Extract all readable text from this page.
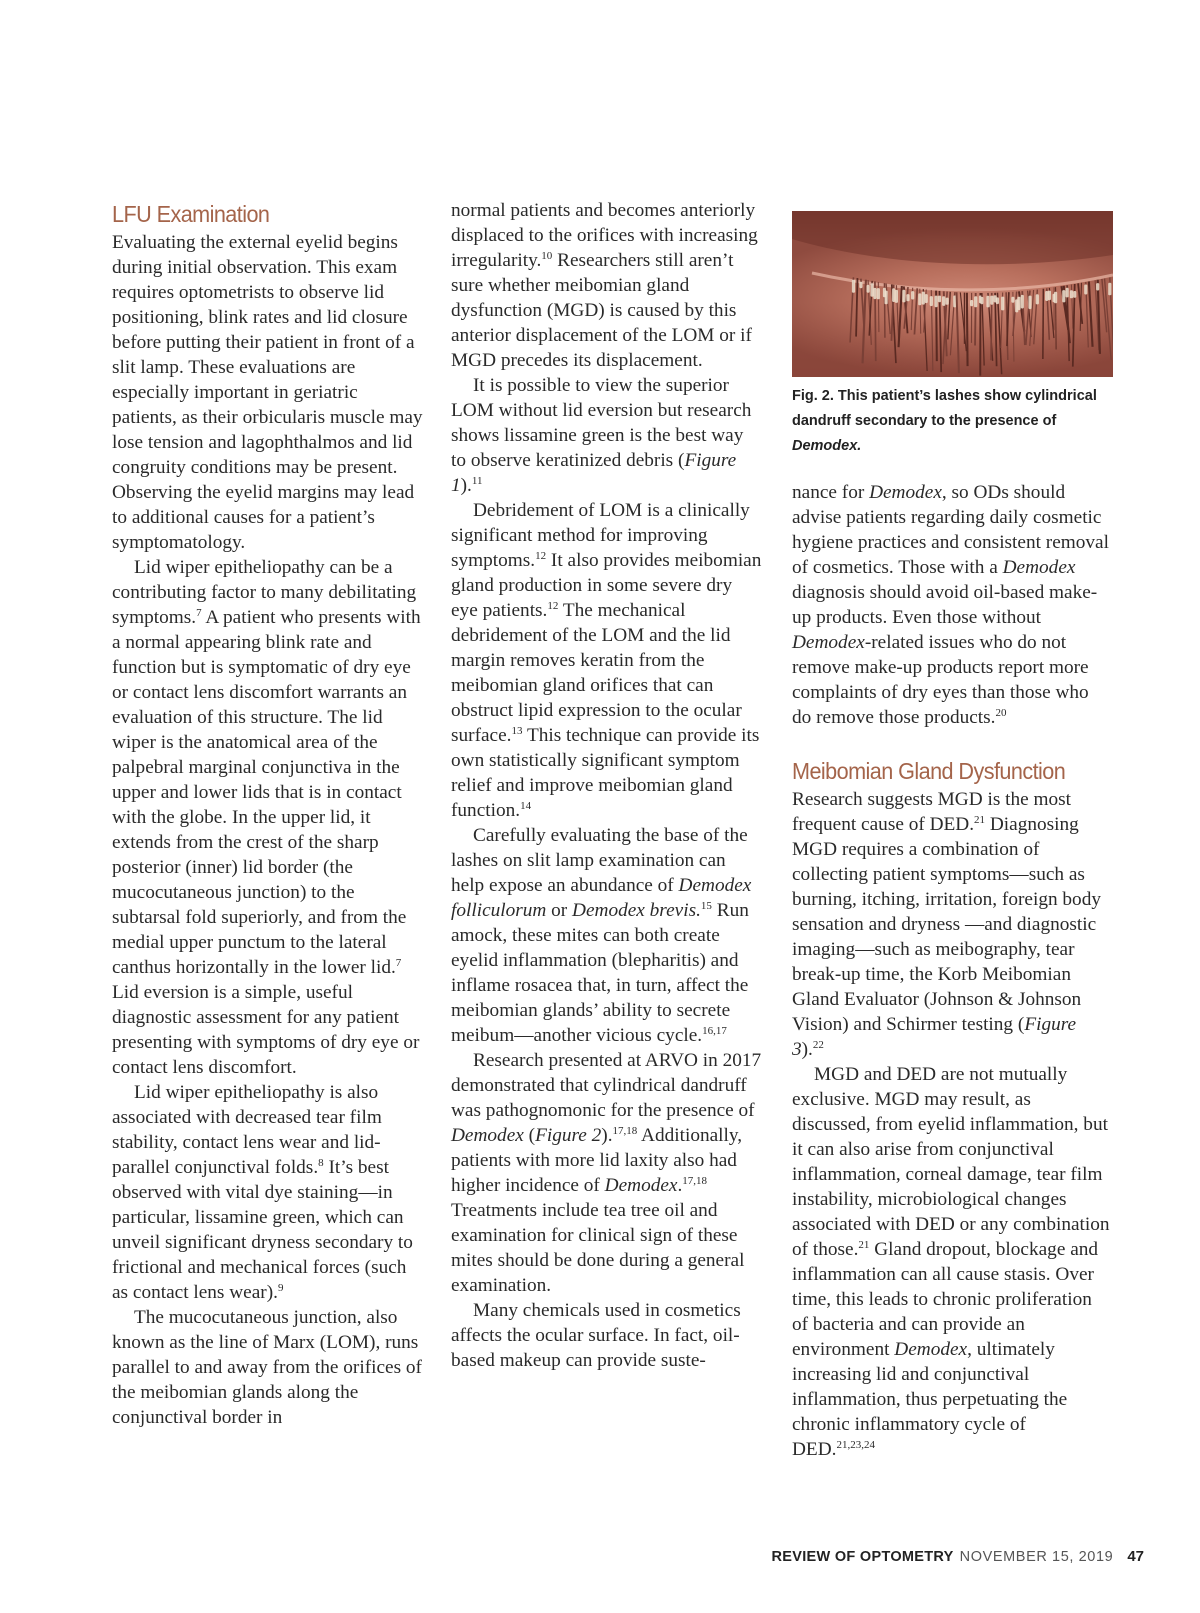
LFU Examination

Evaluating the external eyelid begins during initial observation. This exam requires optometrists to observe lid positioning, blink rates and lid closure before putting their patient in front of a slit lamp. These evaluations are especially important in geriatric patients, as their orbicularis muscle may lose tension and lagophthalmos and lid congruity conditions may be present. Observing the eyelid margins may lead to additional causes for a patient’s symptomatology.

Lid wiper epitheliopathy can be a contributing factor to many debilitating symptoms.$^7$ A patient who presents with a normal appearing blink rate and function but is symptomatic of dry eye or contact lens discomfort warrants an evaluation of this structure. The lid wiper is the anatomical area of the palpebral marginal conjunctiva in the upper and lower lids that is in contact with the globe. In the upper lid, it extends from the crest of the sharp posterior (inner) lid border (the mucocutaneous junction) to the subtarsal fold superiorly, and from the medial upper punctum to the lateral canthus horizontally in the lower lid.$^7$ Lid eversion is a simple, useful diagnostic assessment for any patient presenting with symptoms of dry eye or contact lens discomfort.

Lid wiper epitheliopathy is also associated with decreased tear film stability, contact lens wear and lid-parallel conjunctival folds.$^8$ It’s best observed with vital dye staining—in particular, lissamine green, which can unveil significant dryness secondary to frictional and mechanical forces (such as contact lens wear).$^9$

The mucocutaneous junction, also known as the line of Marx (LOM), runs parallel to and away from the orifices of the meibomian glands along the conjunctival border in

normal patients and becomes anteriorly displaced to the orifices with increasing irregularity.$^{10}$ Researchers still aren’t sure whether meibomian gland dysfunction (MGD) is caused by this anterior displacement of the LOM or if MGD precedes its displacement.

It is possible to view the superior LOM without lid eversion but research shows lissamine green is the best way to observe keratinized debris (Figure 1).$^{11}$

Debridement of LOM is a clinically significant method for improving symptoms.$^{12}$ It also provides meibomian gland production in some severe dry eye patients.$^{12}$ The mechanical debridement of the LOM and the lid margin removes keratin from the meibomian gland orifices that can obstruct lipid expression to the ocular surface.$^{13}$ This technique can provide its own statistically significant symptom relief and improve meibomian gland function.$^{14}$

Carefully evaluating the base of the lashes on slit lamp examination can help expose an abundance of Demodex folliculorum or Demodex brevis.$^{15}$ Run amock, these mites can both create eyelid inflammation (blepharitis) and inflame rosacea that, in turn, affect the meibomian glands’ ability to secrete meibum—another vicious cycle.$^{16,17}$

Research presented at ARVO in 2017 demonstrated that cylindrical dandruff was pathognomonic for the presence of Demodex (Figure 2).$^{17,18}$ Additionally, patients with more lid laxity also had higher incidence of Demodex.$^{17,18}$ Treatments include tea tree oil and examination for clinical sign of these mites should be done during a general examination.

Many chemicals used in cosmetics affects the ocular surface. In fact, oil-based makeup can provide suste-

Fig. 2. This patient’s lashes show cylindrical dandruff secondary to the presence of Demodex.

nance for Demodex, so ODs should advise patients regarding daily cosmetic hygiene practices and consistent removal of cosmetics. Those with a Demodex diagnosis should avoid oil-based make-up products. Even those without Demodex-related issues who do not remove make-up products report more complaints of dry eyes than those who do remove those products.$^{20}$

Meibomian Gland Dysfunction

Research suggests MGD is the most frequent cause of DED.$^{21}$ Diagnosing MGD requires a combination of collecting patient symptoms—such as burning, itching, irritation, foreign body sensation and dryness —and diagnostic imaging—such as meibography, tear break-up time, the Korb Meibomian Gland Evaluator (Johnson & Johnson Vision) and Schirmer testing (Figure 3).$^{22}$

MGD and DED are not mutually exclusive. MGD may result, as discussed, from eyelid inflammation, but it can also arise from conjunctival inflammation, corneal damage, tear film instability, microbiological changes associated with DED or any combination of those.$^{21}$ Gland dropout, blockage and inflammation can all cause stasis. Over time, this leads to chronic proliferation of bacteria and can provide an environment Demodex, ultimately increasing lid and conjunctival inflammation, thus perpetuating the chronic inflammatory cycle of DED.$^{21,23,24}$

REVIEW OF OPTOMETRY NOVEMBER 15, 2019 47
